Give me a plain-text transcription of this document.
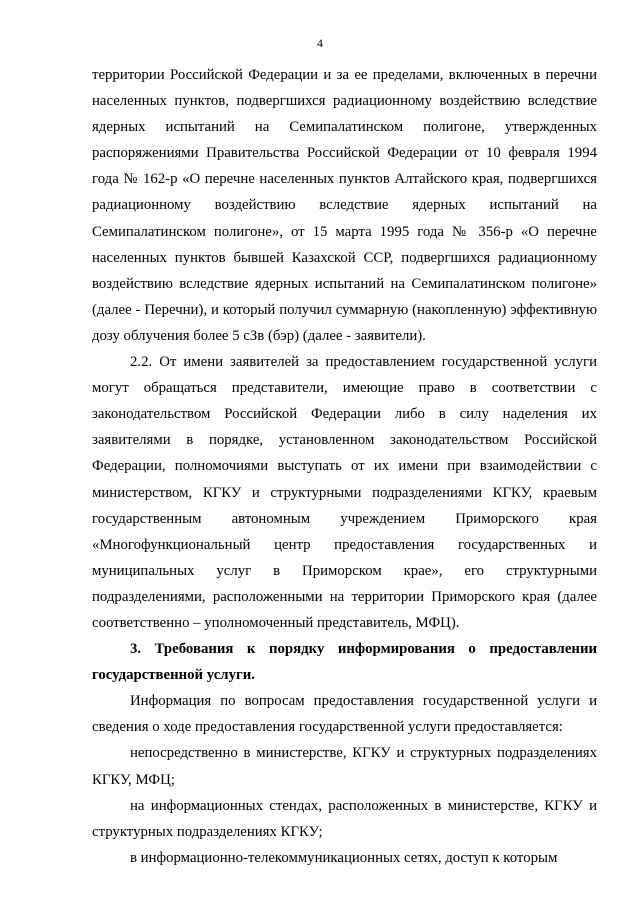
4

территории Российской Федерации и за ее пределами, включенных в перечни населенных пунктов, подвергшихся радиационному воздействию вследствие ядерных испытаний на Семипалатинском полигоне, утвержденных распоряжениями Правительства Российской Федерации от 10 февраля 1994 года № 162-р «О перечне населенных пунктов Алтайского края, подвергшихся радиационному воздействию вследствие ядерных испытаний на Семипалатинском полигоне», от 15 марта 1995 года № 356-р «О перечне населенных пунктов бывшей Казахской ССР, подвергшихся радиационному воздействию вследствие ядерных испытаний на Семипалатинском полигоне» (далее - Перечни), и который получил суммарную (накопленную) эффективную дозу облучения более 5 сЗв (бэр) (далее - заявители).

2.2. От имени заявителей за предоставлением государственной услуги могут обращаться представители, имеющие право в соответствии с законодательством Российской Федерации либо в силу наделения их заявителями в порядке, установленном законодательством Российской Федерации, полномочиями выступать от их имени при взаимодействии с министерством, КГКУ и структурными подразделениями КГКУ, краевым государственным автономным учреждением Приморского края «Многофункциональный центр предоставления государственных и муниципальных услуг в Приморском крае», его структурными подразделениями, расположенными на территории Приморского края (далее соответственно – уполномоченный представитель, МФЦ).

3. Требования к порядку информирования о предоставлении государственной услуги.

Информация по вопросам предоставления государственной услуги и сведения о ходе предоставления государственной услуги предоставляется:

непосредственно в министерстве, КГКУ и структурных подразделениях КГКУ, МФЦ;

на информационных стендах, расположенных в министерстве, КГКУ и структурных подразделениях КГКУ;

в информационно-телекоммуникационных сетях, доступ к которым
